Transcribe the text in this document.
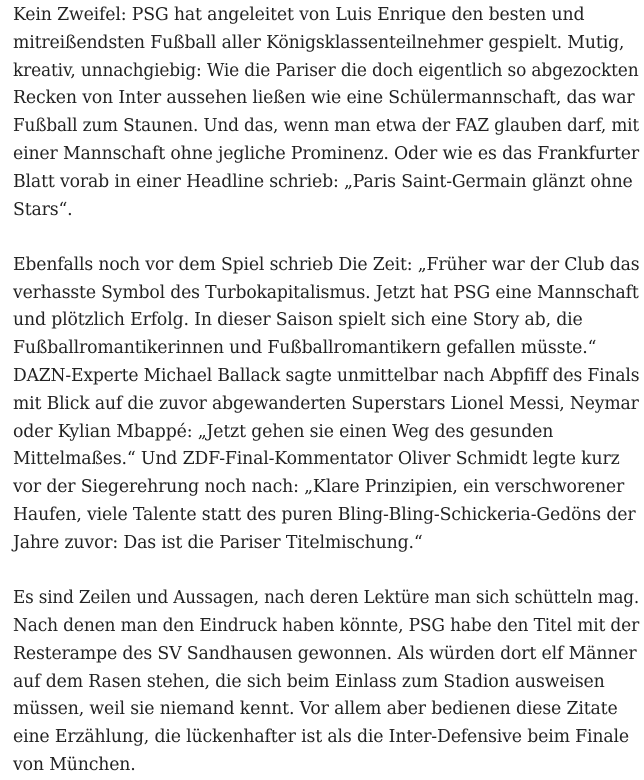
Kein Zweifel: PSG hat angeleitet von Luis Enrique den besten und
mitreißendsten Fußball aller Königsklassenteilnehmer gespielt. Mutig,
kreativ, unnachgiebig: Wie die Pariser die doch eigentlich so abgezockten
Recken von Inter aussehen ließen wie eine Schülermannschaft, das war
Fußball zum Staunen. Und das, wenn man etwa der FAZ glauben darf, mit
einer Mannschaft ohne jegliche Prominenz. Oder wie es das Frankfurter
Blatt vorab in einer Headline schrieb: „Paris Saint-Germain glänzt ohne
Stars“.

Ebenfalls noch vor dem Spiel schrieb Die Zeit: „Früher war der Club das
verhasste Symbol des Turbokapitalismus. Jetzt hat PSG eine Mannschaft
und plötzlich Erfolg. In dieser Saison spielt sich eine Story ab, die
Fußballromantikerinnen und Fußballromantikern gefallen müsste.“
DAZN-Experte Michael Ballack sagte unmittelbar nach Abpfiff des Finals
mit Blick auf die zuvor abgewanderten Superstars Lionel Messi, Neymar
oder Kylian Mbappé: „Jetzt gehen sie einen Weg des gesunden
Mittelmaßes.“ Und ZDF-Final-Kommentator Oliver Schmidt legte kurz
vor der Siegerehrung noch nach: „Klare Prinzipien, ein verschworener
Haufen, viele Talente statt des puren Bling-Bling-Schickeria-Gedöns der
Jahre zuvor: Das ist die Pariser Titelmischung.“

Es sind Zeilen und Aussagen, nach deren Lektüre man sich schütteln mag.
Nach denen man den Eindruck haben könnte, PSG habe den Titel mit der
Resterampe des SV Sandhausen gewonnen. Als würden dort elf Männer
auf dem Rasen stehen, die sich beim Einlass zum Stadion ausweisen
müssen, weil sie niemand kennt. Vor allem aber bedienen diese Zitate
eine Erzählung, die lückenhafter ist als die Inter-Defensive beim Finale
von München.
